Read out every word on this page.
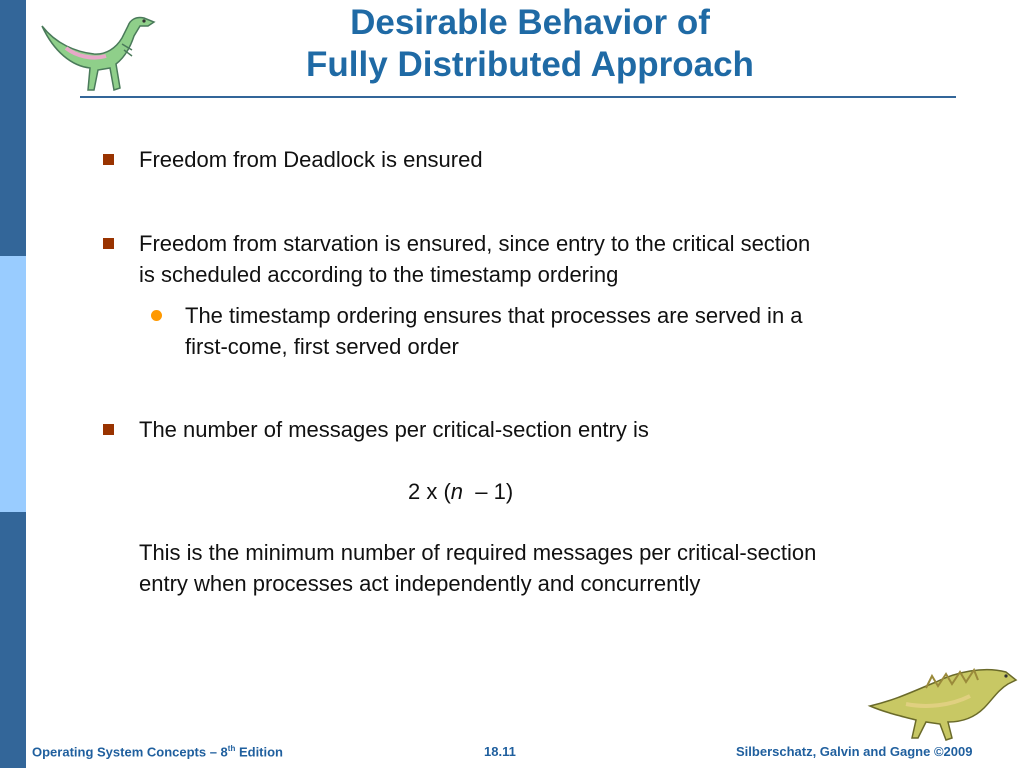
Desirable Behavior of
Fully Distributed Approach

Freedom from Deadlock is ensured

Freedom from starvation is ensured, since entry to the critical section

is scheduled according to the timestamp ordering

The timestamp ordering ensures that processes are served in a

first-come, first served order

The number of messages per critical-section entry is

2 x (n – 1)

This is the minimum number of required messages per critical-section

entry when processes act independently and concurrently

Operating System Concepts – 8th Edition	18.11	Silberschatz, Galvin and Gagne ©2009
